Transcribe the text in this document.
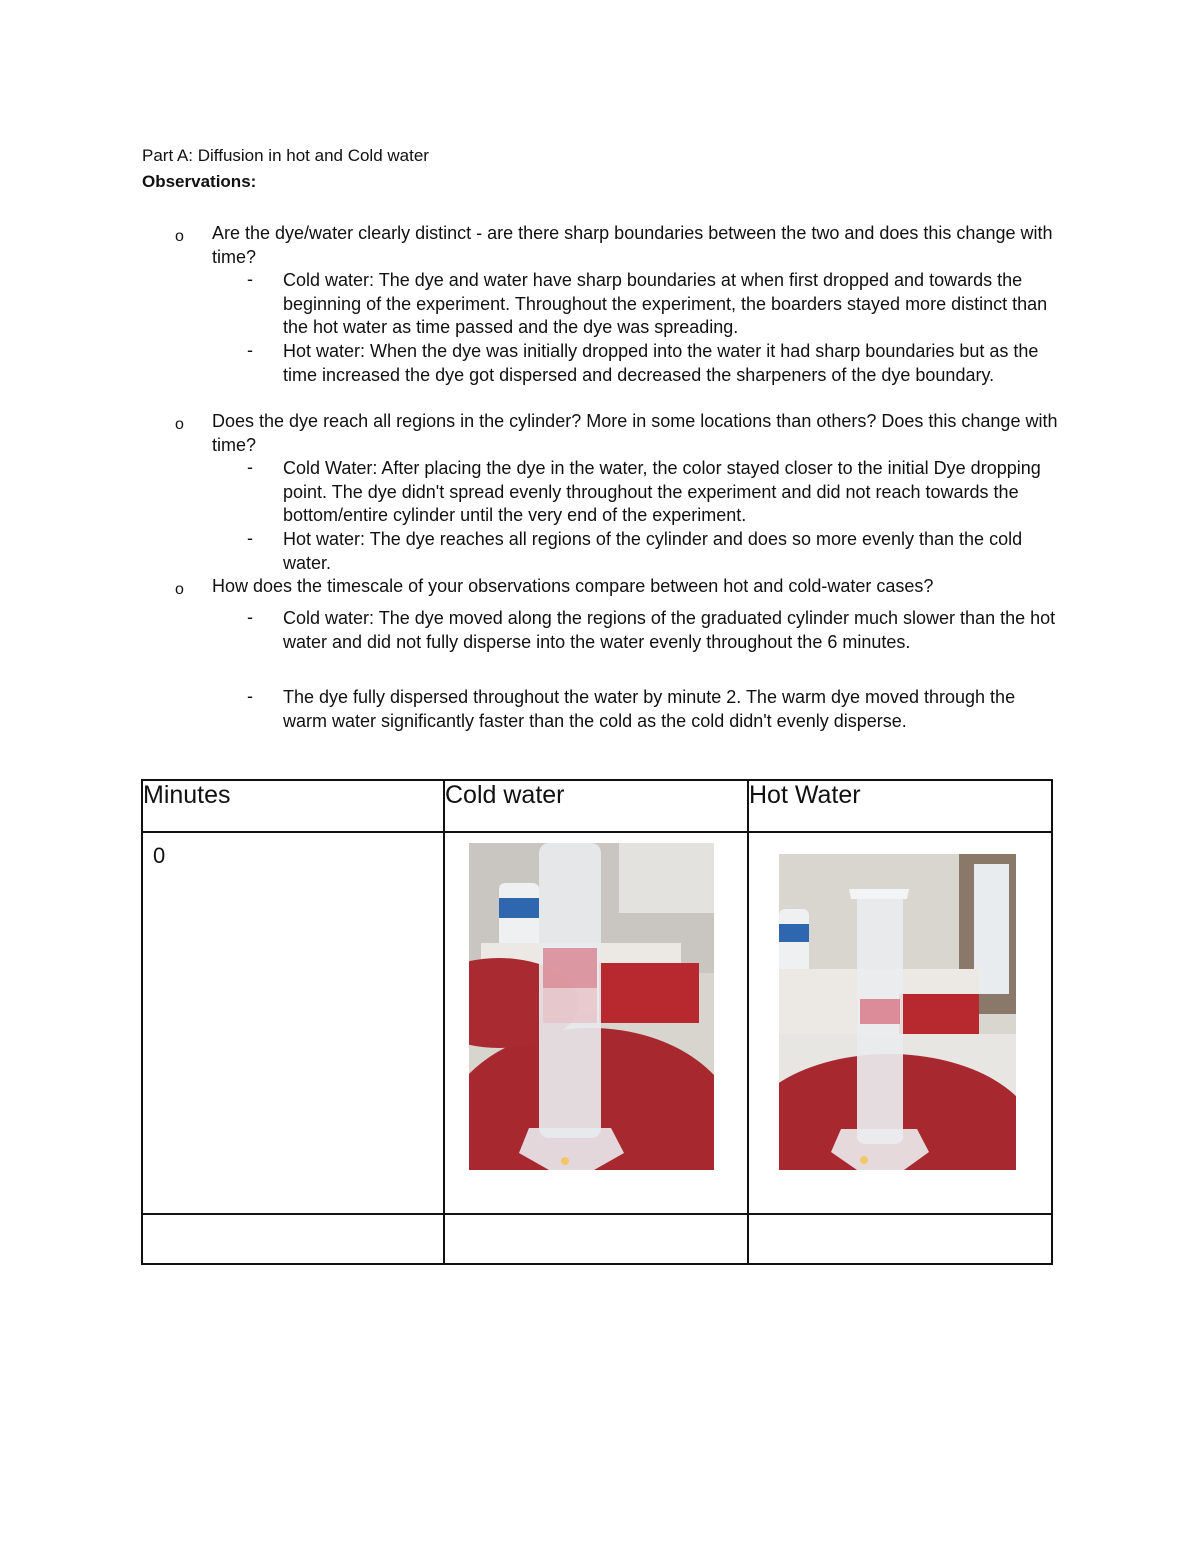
Part A: Diffusion in hot and Cold water
Observations:
o Are the dye/water clearly distinct - are there sharp boundaries between the two and does this change with time?
- Cold water: The dye and water have sharp boundaries at when first dropped and towards the beginning of the experiment. Throughout the experiment, the boarders stayed more distinct than the hot water as time passed and the dye was spreading.
- Hot water: When the dye was initially dropped into the water it had sharp boundaries but as the time increased the dye got dispersed and decreased the sharpeners of the dye boundary.
o Does the dye reach all regions in the cylinder? More in some locations than others? Does this change with time?
- Cold Water: After placing the dye in the water, the color stayed closer to the initial Dye dropping point. The dye didn't spread evenly throughout the experiment and did not reach towards the bottom/entire cylinder until the very end of the experiment.
- Hot water: The dye reaches all regions of the cylinder and does so more evenly than the cold water.
o How does the timescale of your observations compare between hot and cold-water cases?
- Cold water: The dye moved along the regions of the graduated cylinder much slower than the hot water and did not fully disperse into the water evenly throughout the 6 minutes.
- The dye fully dispersed throughout the water by minute 2. The warm dye moved through the warm water significantly faster than the cold as the cold didn't evenly disperse.
Minutes	Cold water	Hot Water
0		
